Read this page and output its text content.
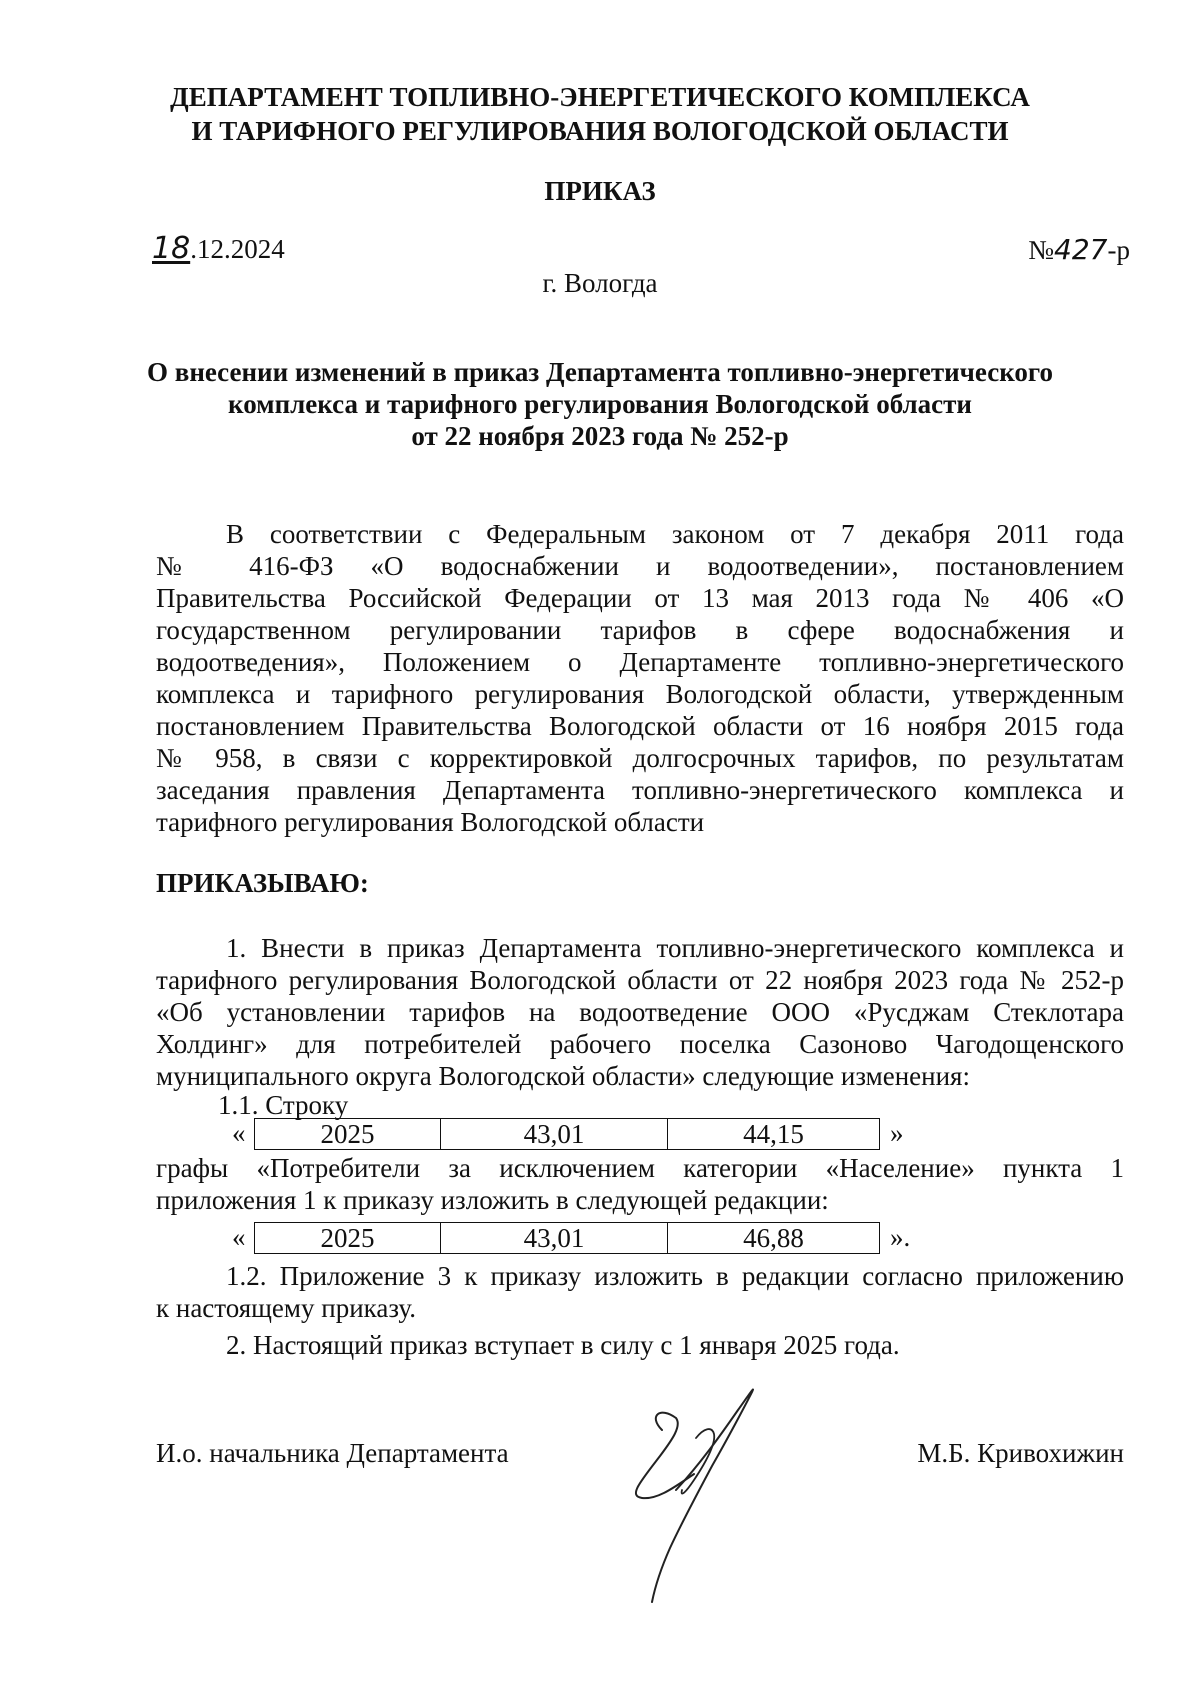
ДЕПАРТАМЕНТ ТОПЛИВНО-ЭНЕРГЕТИЧЕСКОГО КОМПЛЕКСА
И ТАРИФНОГО РЕГУЛИРОВАНИЯ ВОЛОГОДСКОЙ ОБЛАСТИ
ПРИКАЗ
18.12.2024	№427-р
г. Вологда
О внесении изменений в приказ Департамента топливно-энергетического
комплекса и тарифного регулирования Вологодской области
от 22 ноября 2023 года № 252-р
В соответствии с Федеральным законом от 7 декабря 2011 года
№ 416-ФЗ «О водоснабжении и водоотведении», постановлением
Правительства Российской Федерации от 13 мая 2013 года № 406 «О
государственном регулировании тарифов в сфере водоснабжения и
водоотведения», Положением о Департаменте топливно-энергетического
комплекса и тарифного регулирования Вологодской области, утвержденным
постановлением Правительства Вологодской области от 16 ноября 2015 года
№ 958, в связи с корректировкой долгосрочных тарифов, по результатам
заседания правления Департамента топливно-энергетического комплекса и
тарифного регулирования Вологодской области
ПРИКАЗЫВАЮ:
1. Внести в приказ Департамента топливно-энергетического комплекса и
тарифного регулирования Вологодской области от 22 ноября 2023 года № 252-р
«Об установлении тарифов на водоотведение ООО «Русджам Стеклотара
Холдинг» для потребителей рабочего поселка Сазоново Чагодощенского
муниципального округа Вологодской области» следующие изменения:
1.1. Строку
«	2025	43,01	44,15	»
графы «Потребители за исключением категории «Население» пункта 1
приложения 1 к приказу изложить в следующей редакции:
«	2025	43,01	46,88	».
1.2. Приложение 3 к приказу изложить в редакции согласно приложению
к настоящему приказу.
2. Настоящий приказ вступает в силу с 1 января 2025 года.
И.о. начальника Департамента	М.Б. Кривохижин
